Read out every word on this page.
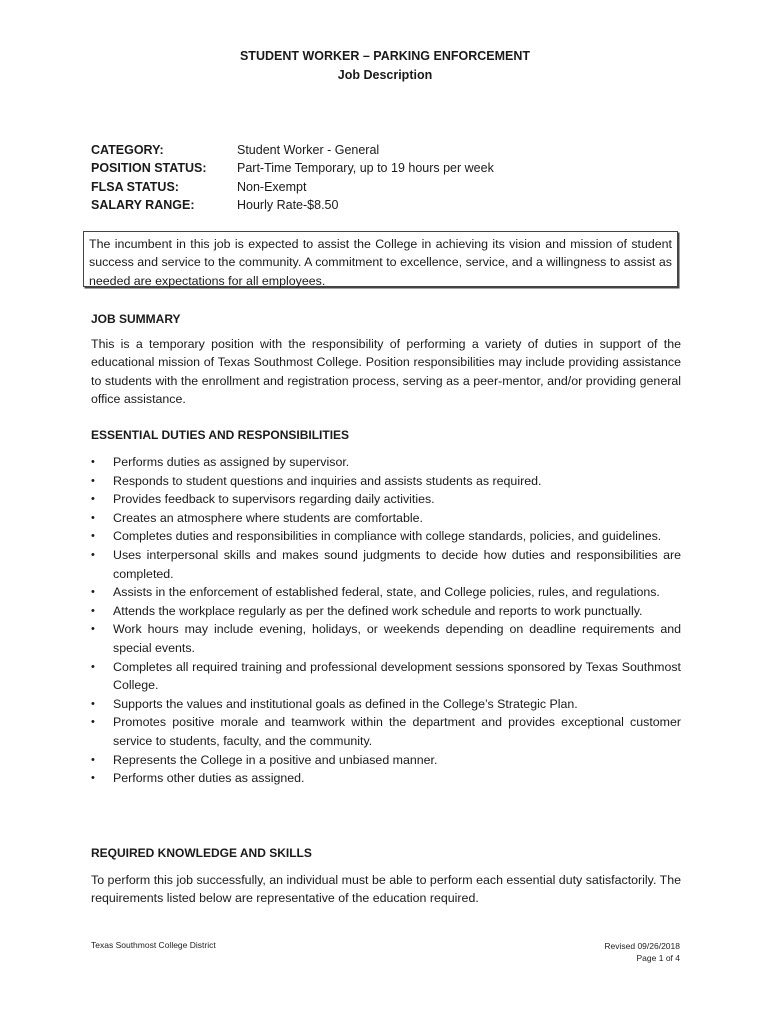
STUDENT WORKER – PARKING ENFORCEMENT
Job Description
CATEGORY:	Student Worker - General
POSITION STATUS:	Part-Time Temporary, up to 19 hours per week
FLSA STATUS:	Non-Exempt
SALARY RANGE:	Hourly Rate-$8.50
The incumbent in this job is expected to assist the College in achieving its vision and mission of student success and service to the community. A commitment to excellence, service, and a willingness to assist as needed are expectations for all employees.
JOB SUMMARY
This is a temporary position with the responsibility of performing a variety of duties in support of the educational mission of Texas Southmost College. Position responsibilities may include providing assistance to students with the enrollment and registration process, serving as a peer-mentor, and/or providing general office assistance.
ESSENTIAL DUTIES AND RESPONSIBILITIES
• Performs duties as assigned by supervisor.
• Responds to student questions and inquiries and assists students as required.
• Provides feedback to supervisors regarding daily activities.
• Creates an atmosphere where students are comfortable.
• Completes duties and responsibilities in compliance with college standards, policies, and guidelines.
• Uses interpersonal skills and makes sound judgments to decide how duties and responsibilities are completed.
• Assists in the enforcement of established federal, state, and College policies, rules, and regulations.
• Attends the workplace regularly as per the defined work schedule and reports to work punctually.
• Work hours may include evening, holidays, or weekends depending on deadline requirements and special events.
• Completes all required training and professional development sessions sponsored by Texas Southmost College.
• Supports the values and institutional goals as defined in the College’s Strategic Plan.
• Promotes positive morale and teamwork within the department and provides exceptional customer service to students, faculty, and the community.
• Represents the College in a positive and unbiased manner.
• Performs other duties as assigned.
REQUIRED KNOWLEDGE AND SKILLS
To perform this job successfully, an individual must be able to perform each essential duty satisfactorily. The requirements listed below are representative of the education required.
Texas Southmost College District	Revised 09/26/2018
Page 1 of 4
